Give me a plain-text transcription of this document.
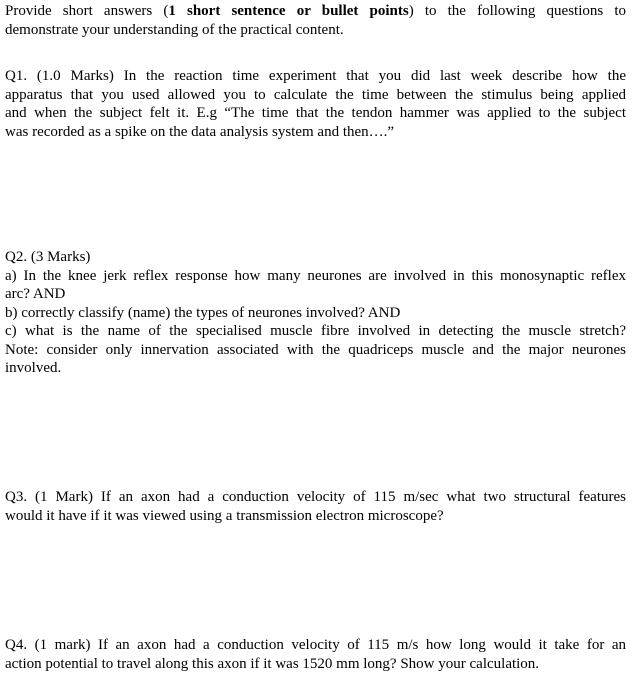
Provide short answers (1 short sentence or bullet points) to the following questions to
demonstrate your understanding of the practical content.
Q1. (1.0 Marks) In the reaction time experiment that you did last week describe how the
apparatus that you used allowed you to calculate the time between the stimulus being applied
and when the subject felt it. E.g “The time that the tendon hammer was applied to the subject
was recorded as a spike on the data analysis system and then….”
Q2. (3 Marks)
a) In the knee jerk reflex response how many neurones are involved in this monosynaptic reflex
arc? AND
b) correctly classify (name) the types of neurones involved? AND
c) what is the name of the specialised muscle fibre involved in detecting the muscle stretch?
Note: consider only innervation associated with the quadriceps muscle and the major neurones
involved.
Q3. (1 Mark) If an axon had a conduction velocity of 115 m/sec what two structural features
would it have if it was viewed using a transmission electron microscope?
Q4. (1 mark) If an axon had a conduction velocity of 115 m/s how long would it take for an
action potential to travel along this axon if it was 1520 mm long? Show your calculation.
